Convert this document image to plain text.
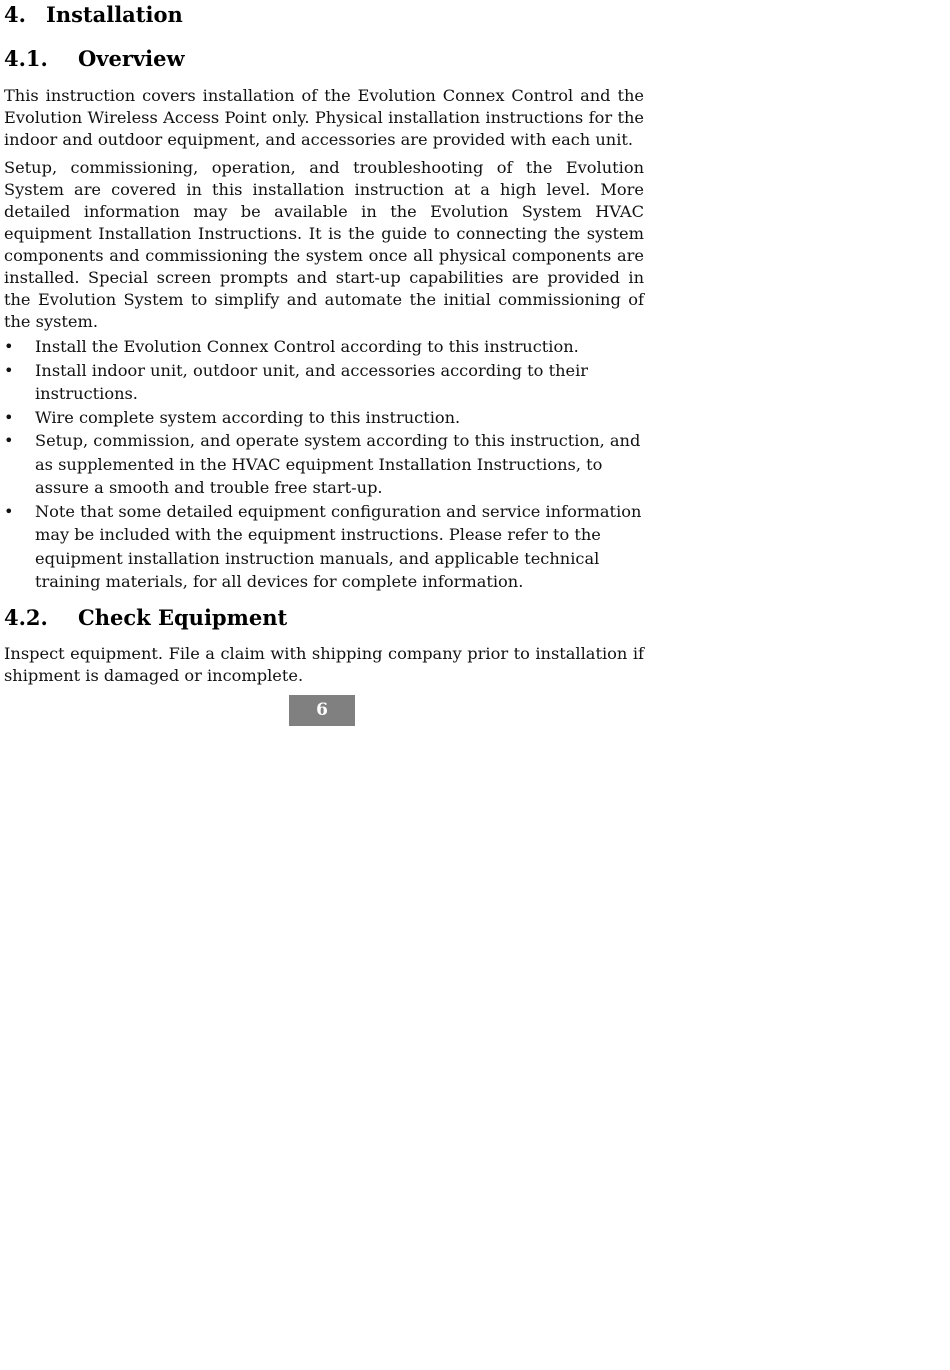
4. Installation
4.1. Overview

This instruction covers installation of the Evolution Connex Control and the Evolution Wireless Access Point only. Physical installation instructions for the indoor and outdoor equipment, and accessories are provided with each unit.

Setup, commissioning, operation, and troubleshooting of the Evolution System are covered in this installation instruction at a high level. More detailed information may be available in the Evolution System HVAC equipment Installation Instructions. It is the guide to connecting the system components and commissioning the system once all physical components are installed. Special screen prompts and start-up capabilities are provided in the Evolution System to simplify and automate the initial commissioning of the system.

• Install the Evolution Connex Control according to this instruction.
• Install indoor unit, outdoor unit, and accessories according to their instructions.
• Wire complete system according to this instruction.
• Setup, commission, and operate system according to this instruction, and as supplemented in the HVAC equipment Installation Instructions, to assure a smooth and trouble free start-up.
• Note that some detailed equipment configuration and service information may be included with the equipment instructions. Please refer to the equipment installation instruction manuals, and applicable technical training materials, for all devices for complete information.
4.2. Check Equipment

Inspect equipment. File a claim with shipping company prior to installation if shipment is damaged or incomplete.

6
